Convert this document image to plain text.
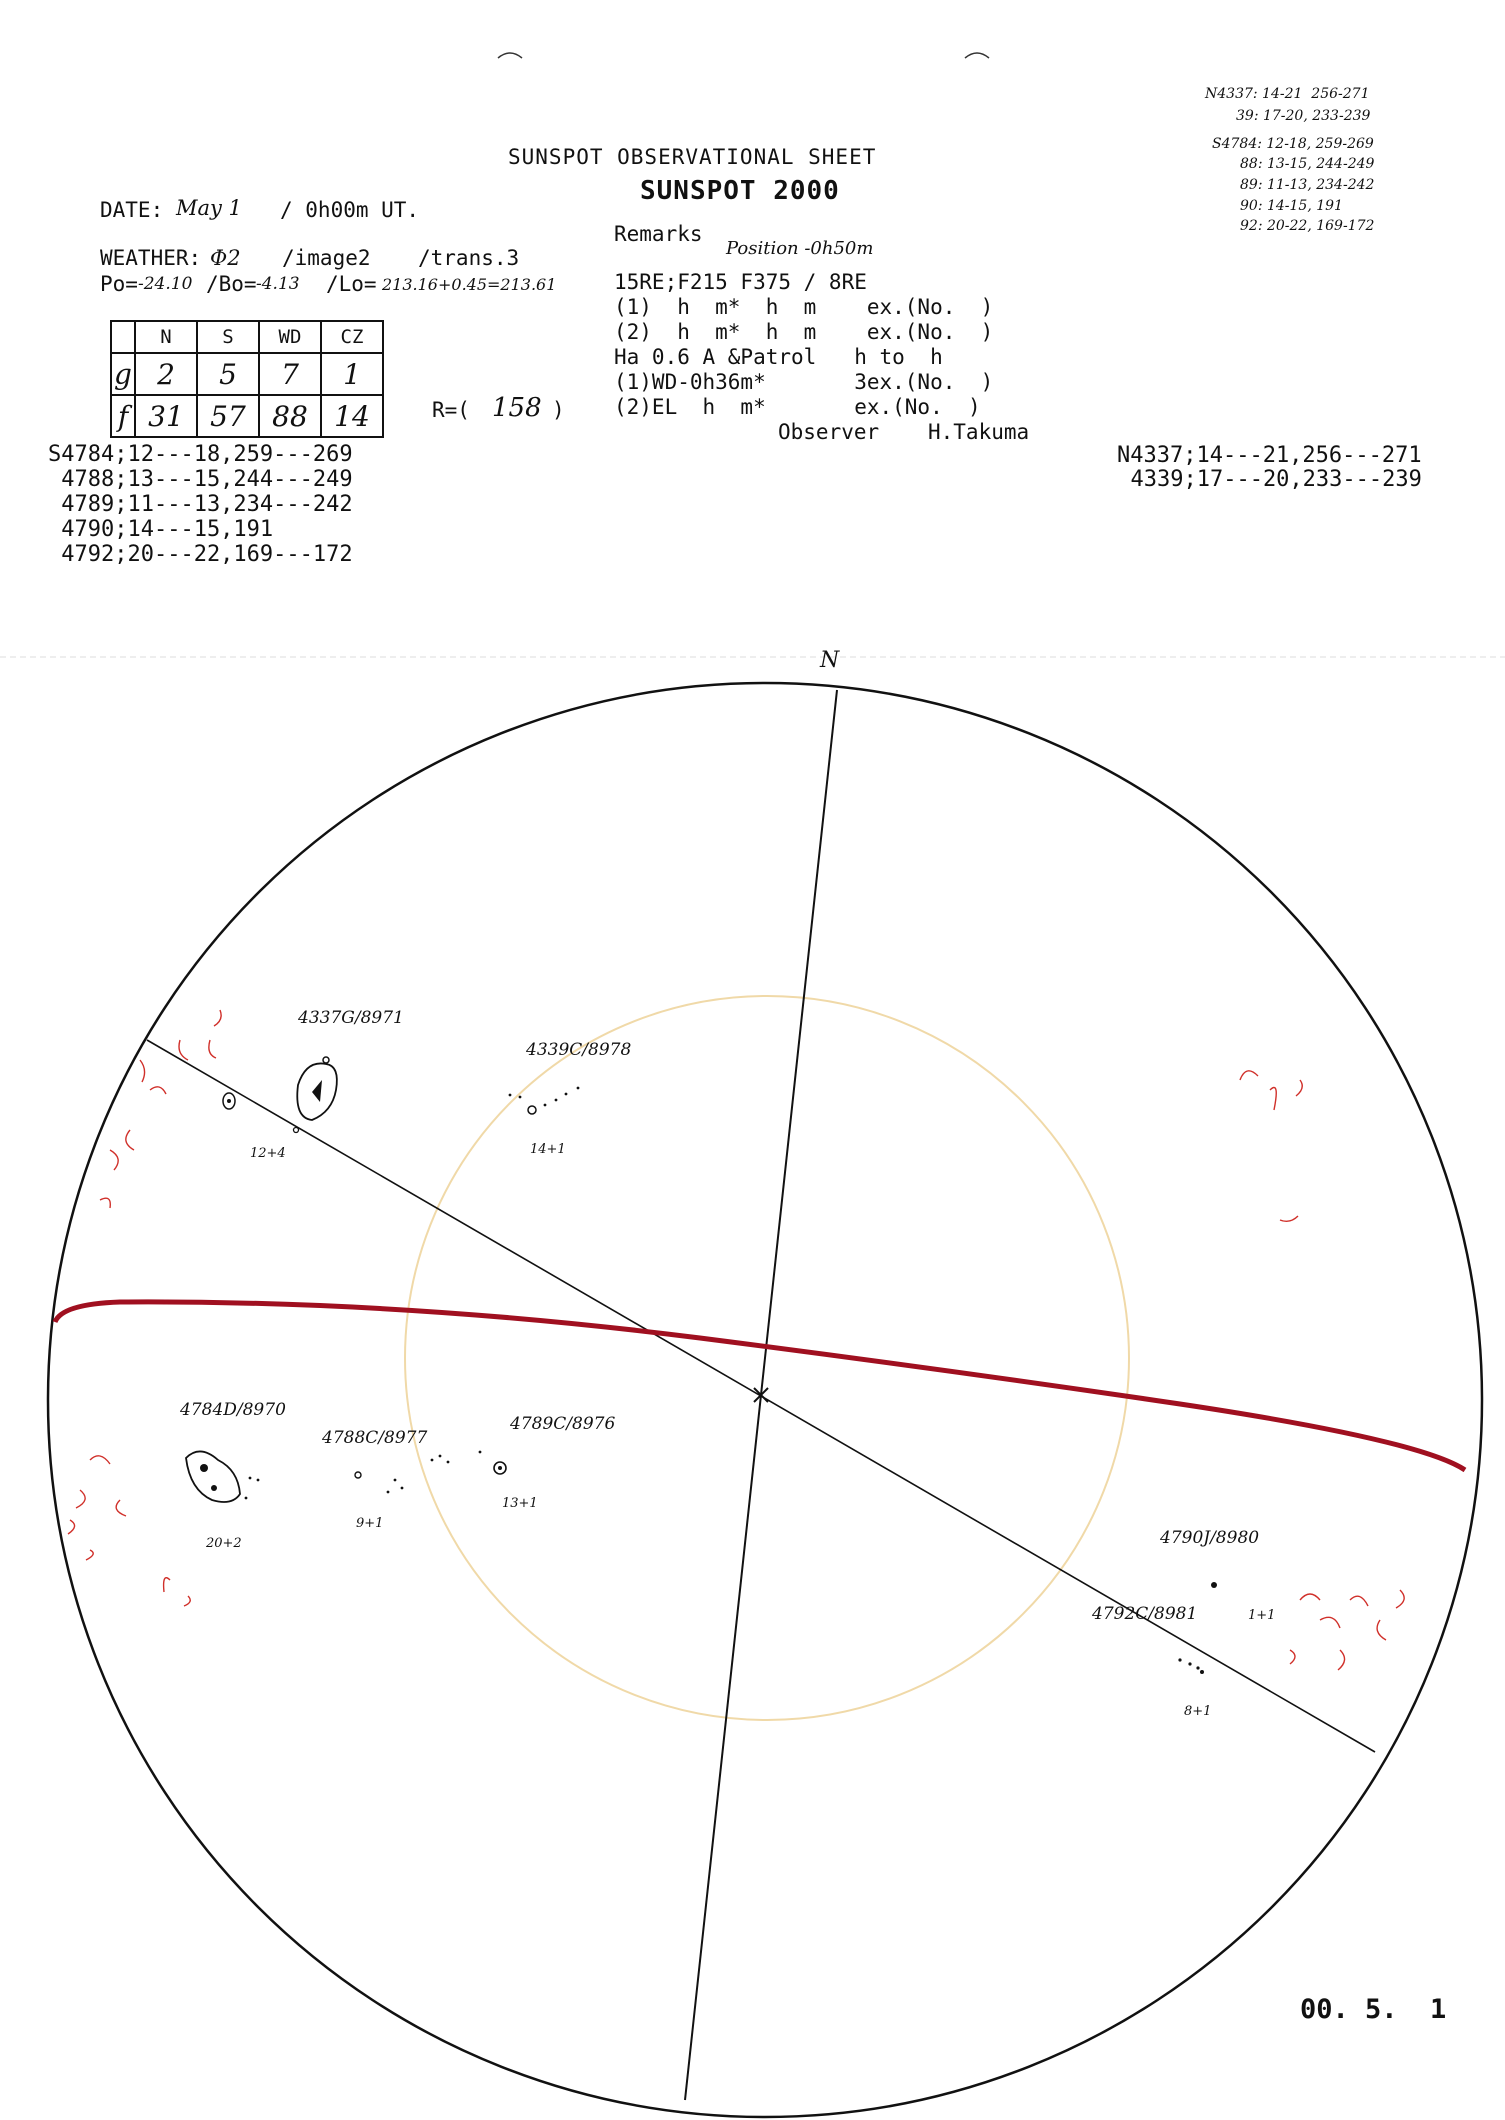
SUNSPOT OBSERVATIONAL SHEET
SUNSPOT 2000
DATE: May 1 / 0h00m UT.
Remarks
Position -0h50m
WEATHER: Φ2 /image2 /trans.3
Po= -24.10 /Bo= -4.13 /Lo= 213.16+0.45=213.61	15RE;F215 F375 / 8RE
(1)  h  m*  h  m    ex.(No.  )
(2)  h  m*  h  m    ex.(No.  )
Ha 0.6 A &Patrol   h to  h
(1)WD-0h36m*       3ex.(No.  )
(2)EL  h  m*       ex.(No.  )
Observer H.Takuma
	N	S	WD	CZ
g	2	5	7	1
f	31	57	88	14	R=( 158 )
N4337: 14-21  256-271
39: 17-20, 233-239
S4784: 12-18, 259-269
88: 13-15, 244-249
89: 11-13, 234-242
90: 14-15, 191
92: 20-22, 169-172
S4784;12---18,259---269
4788;13---15,244---249
4789;11---13,234---242
4790;14---15,191
4792;20---22,169---172
N4337;14---21,256---271
4339;17---20,233---239
N
4337G/8971
12+4
4339C/8978
14+1
4784D/8970
20+2
4788C/8977
9+1
4789C/8976
13+1
4790J/8980
1+1
4792C/8981
8+1
00. 5.  1
